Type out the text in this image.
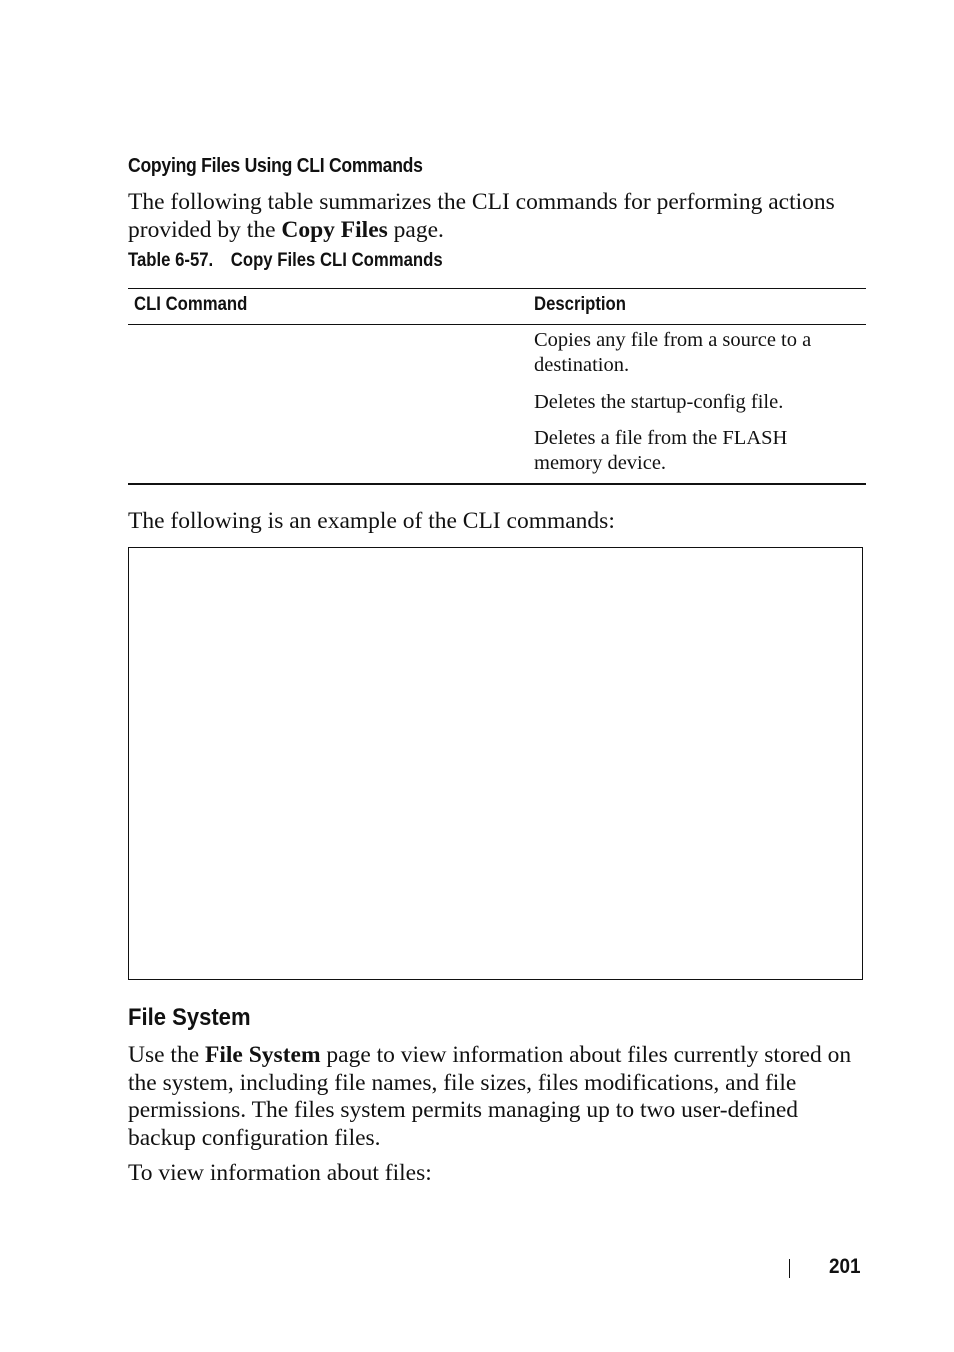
Copying Files Using CLI Commands
The following table summarizes the CLI commands for performing actions provided by the Copy Files page.
Table 6-57. Copy Files CLI Commands
CLI Command	Description
Copies any file from a source to a destination.
Deletes the startup-config file.
Deletes a file from the FLASH memory device.
The following is an example of the CLI commands:
File System
Use the File System page to view information about files currently stored on the system, including file names, file sizes, files modifications, and file permissions. The files system permits managing up to two user-defined backup configuration files.
To view information about files:
201
